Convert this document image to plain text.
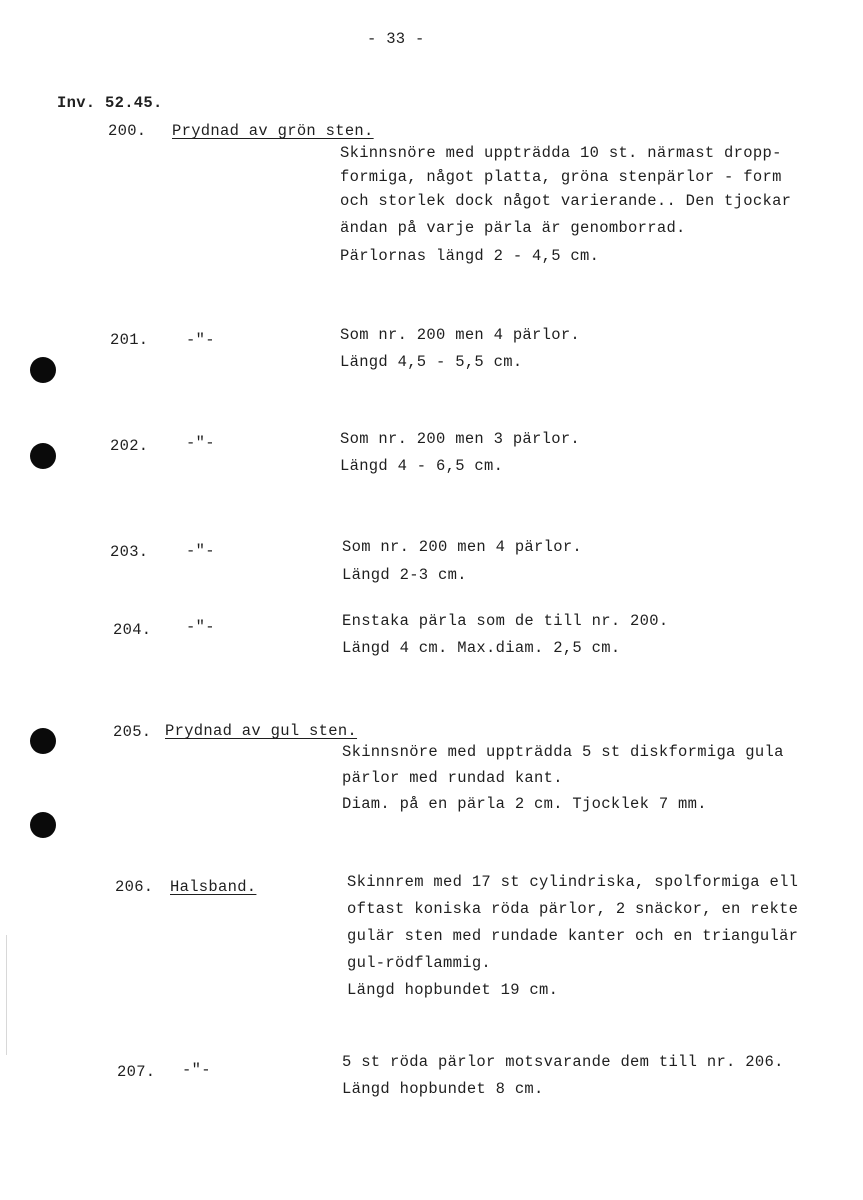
- 33 -
Inv. 52.45.
200. Prydnad av grön sten.
Skinnsnöre med uppträdda 10 st. närmast dropp-
formiga, något platta, gröna stenpärlor - form
och storlek dock något varierande.. Den tjockar
ändan på varje pärla är genomborrad.
Pärlornas längd 2 - 4,5 cm.
201. -"-	Som nr. 200 men 4 pärlor.
Längd 4,5 - 5,5 cm.
202. -"-	Som nr. 200 men 3 pärlor.
Längd 4 - 6,5 cm.
203. -"-	Som nr. 200 men 4 pärlor.
Längd 2-3 cm.
204. -"-	Enstaka pärla som de till nr. 200.
Längd 4 cm. Max.diam. 2,5 cm.
205. Prydnad av gul sten.
Skinnsnöre med uppträdda 5 st diskformiga gula
pärlor med rundad kant.
Diam. på en pärla 2 cm. Tjocklek 7 mm.
206. Halsband.	Skinnrem med 17 st cylindriska, spolformiga ell
oftast koniska röda pärlor, 2 snäckor, en rekte
gulär sten med rundade kanter och en triangulär
gul-rödflammig.
Längd hopbundet 19 cm.
207. -"-	5 st röda pärlor motsvarande dem till nr. 206.
Längd hopbundet 8 cm.
